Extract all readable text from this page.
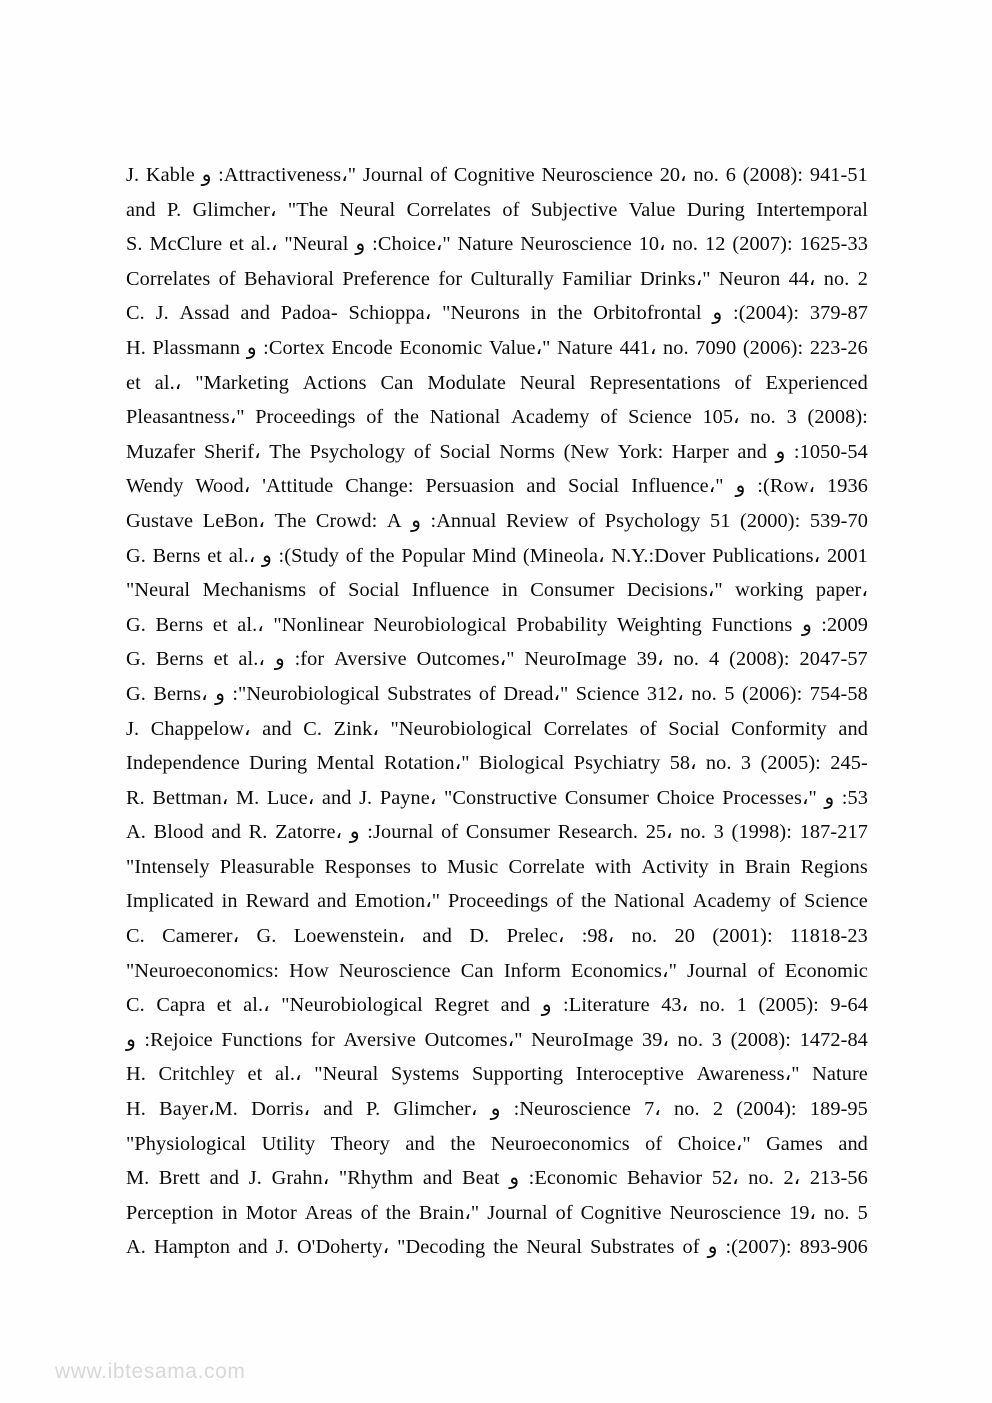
J. Kable و :Attractiveness،" Journal of Cognitive Neuroscience 20، no. 6 (2008): 941-51
and P. Glimcher، "The Neural Correlates of Subjective Value During Intertemporal
S. McClure et al.، "Neural و :Choice،" Nature Neuroscience 10، no. 12 (2007): 1625-33
Correlates of Behavioral Preference for Culturally Familiar Drinks،" Neuron 44، no. 2
C. J. Assad and Padoa- Schioppa، "Neurons in the Orbitofrontal و :(2004): 379-87
H. Plassmann و :Cortex Encode Economic Value،" Nature 441، no. 7090 (2006): 223-26
et al.، "Marketing Actions Can Modulate Neural Representations of Experienced
Pleasantness،" Proceedings of the National Academy of Science 105، no. 3 (2008):
Muzafer Sherif، The Psychology of Social Norms (New York: Harper and و :1050-54
Wendy Wood، 'Attitude Change: Persuasion and Social Influence،" و :(Row، 1936
Gustave LeBon، The Crowd: A و :Annual Review of Psychology 51 (2000): 539-70
G. Berns et al.، و :(Study of the Popular Mind (Mineola، N.Y.:Dover Publications، 2001
"Neural Mechanisms of Social Influence in Consumer Decisions،" working paper،
G. Berns et al.، "Nonlinear Neurobiological Probability Weighting Functions و :2009
G. Berns et al.، و :for Aversive Outcomes،" NeuroImage 39، no. 4 (2008): 2047-57
G. Berns، و :"Neurobiological Substrates of Dread،" Science 312، no. 5 (2006): 754-58
J. Chappelow، and C. Zink، "Neurobiological Correlates of Social Conformity and
Independence During Mental Rotation،" Biological Psychiatry 58، no. 3 (2005): 245-
R. Bettman، M. Luce، and J. Payne، "Constructive Consumer Choice Processes،" و :53
A. Blood and R. Zatorre، و :Journal of Consumer Research. 25، no. 3 (1998): 187-217
"Intensely Pleasurable Responses to Music Correlate with Activity in Brain Regions
Implicated in Reward and Emotion،" Proceedings of the National Academy of Science
C. Camerer، G. Loewenstein، and D. Prelec، :98، no. 20 (2001): 11818-23
"Neuroeconomics: How Neuroscience Can Inform Economics،" Journal of Economic
C. Capra et al.، "Neurobiological Regret and و :Literature 43، no. 1 (2005): 9-64
و :Rejoice Functions for Aversive Outcomes،" NeuroImage 39، no. 3 (2008): 1472-84
H. Critchley et al.، "Neural Systems Supporting Interoceptive Awareness،" Nature
H. Bayer،M. Dorris، and P. Glimcher، و :Neuroscience 7، no. 2 (2004): 189-95
"Physiological Utility Theory and the Neuroeconomics of Choice،" Games and
M. Brett and J. Grahn، "Rhythm and Beat و :Economic Behavior 52، no. 2، 213-56
Perception in Motor Areas of the Brain،" Journal of Cognitive Neuroscience 19، no. 5
A. Hampton and J. O'Doherty، "Decoding the Neural Substrates of و :(2007): 893-906
www.ibtesama.com
